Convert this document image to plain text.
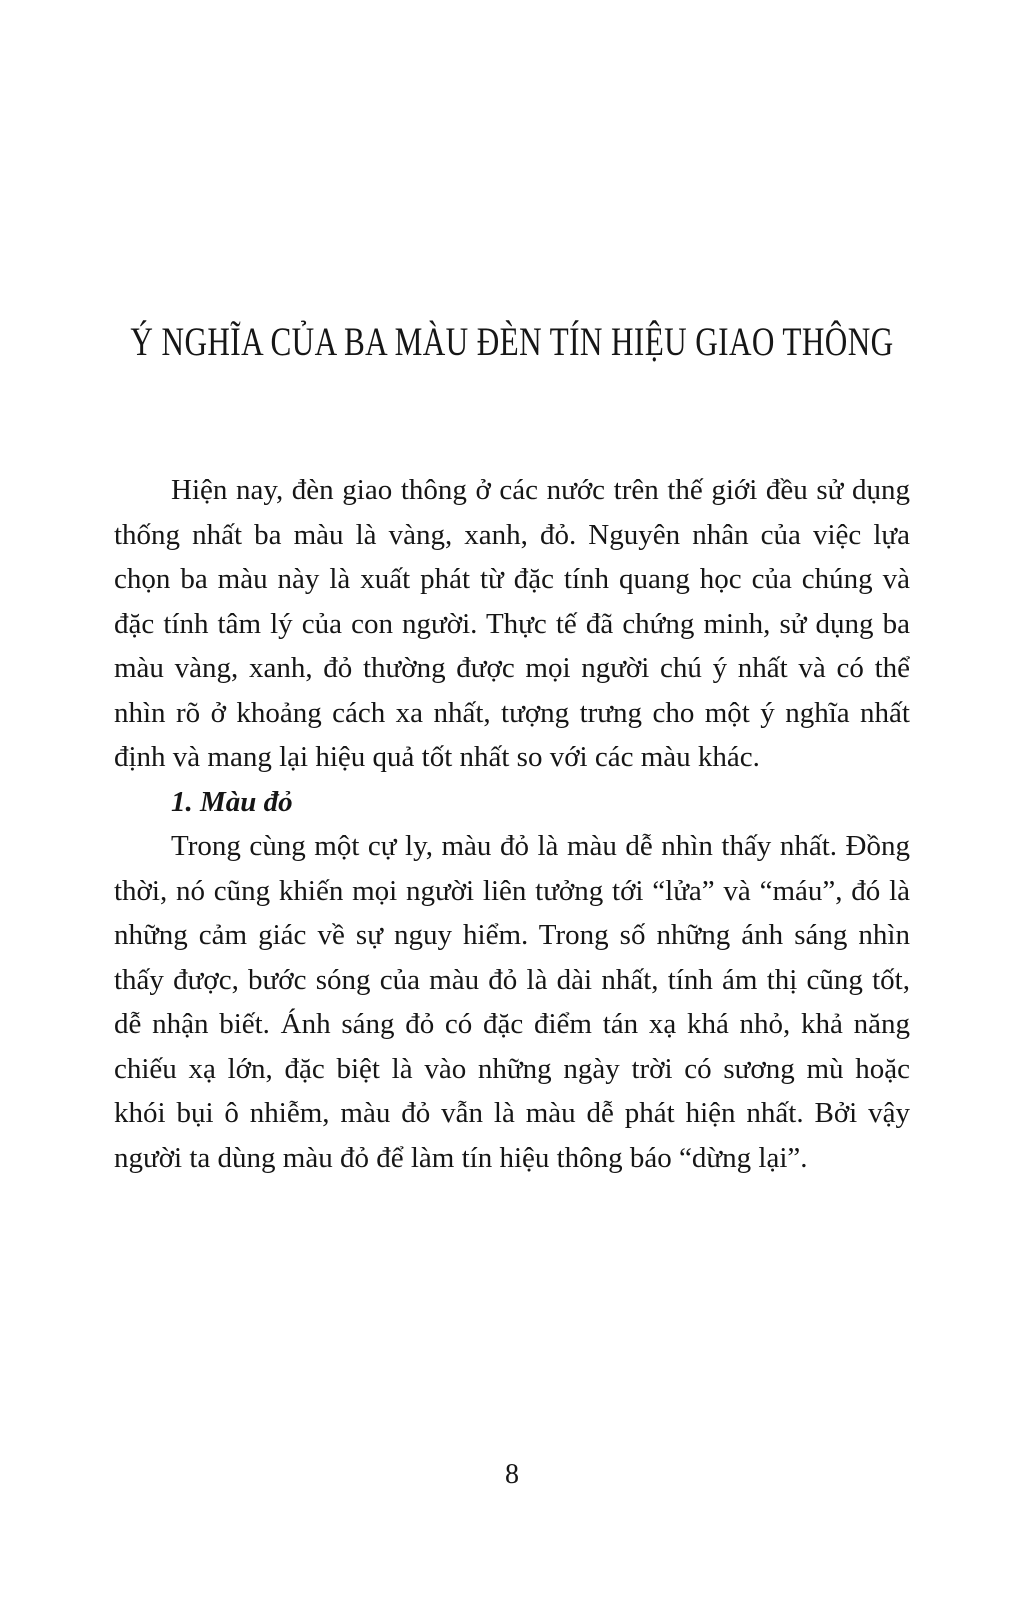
Ý NGHĨA CỦA BA MÀU ĐÈN TÍN HIỆU GIAO THÔNG

Hiện nay, đèn giao thông ở các nước trên thế giới đều sử dụng thống nhất ba màu là vàng, xanh, đỏ. Nguyên nhân của việc lựa chọn ba màu này là xuất phát từ đặc tính quang học của chúng và đặc tính tâm lý của con người. Thực tế đã chứng minh, sử dụng ba màu vàng, xanh, đỏ thường được mọi người chú ý nhất và có thể nhìn rõ ở khoảng cách xa nhất, tượng trưng cho một ý nghĩa nhất định và mang lại hiệu quả tốt nhất so với các màu khác.

1. Màu đỏ

Trong cùng một cự ly, màu đỏ là màu dễ nhìn thấy nhất. Đồng thời, nó cũng khiến mọi người liên tưởng tới “lửa” và “máu”, đó là những cảm giác về sự nguy hiểm. Trong số những ánh sáng nhìn thấy được, bước sóng của màu đỏ là dài nhất, tính ám thị cũng tốt, dễ nhận biết. Ánh sáng đỏ có đặc điểm tán xạ khá nhỏ, khả năng chiếu xạ lớn, đặc biệt là vào những ngày trời có sương mù hoặc khói bụi ô nhiễm, màu đỏ vẫn là màu dễ phát hiện nhất. Bởi vậy người ta dùng màu đỏ để làm tín hiệu thông báo “dừng lại”.

8
